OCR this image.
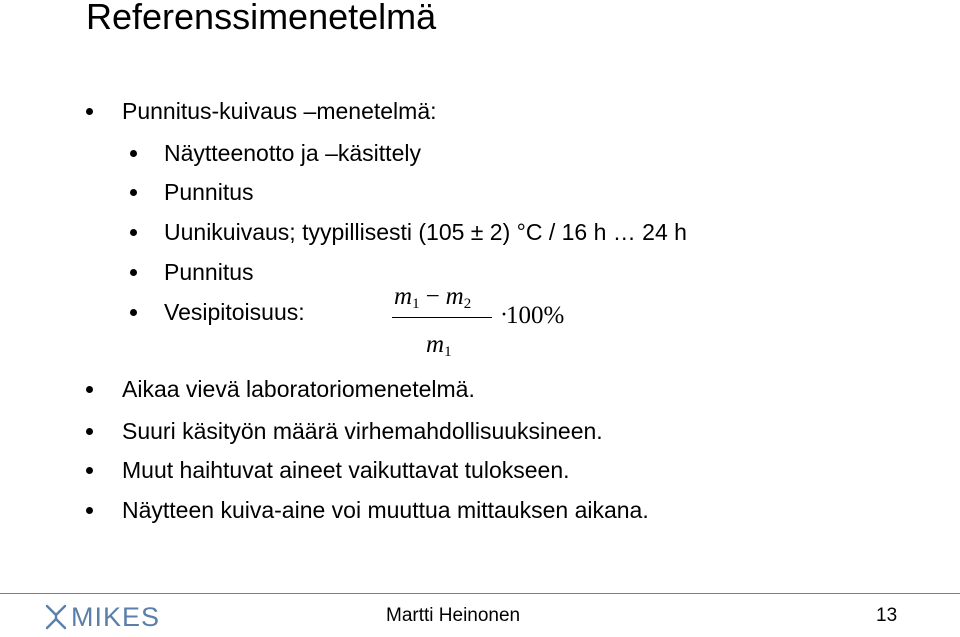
Referenssimenetelmä
Punnitus-kuivaus –menetelmä:
Näytteenotto ja –käsittely
Punnitus
Uunikuivaus; tyypillisesti (105 ± 2) °C / 16 h … 24 h
Punnitus
Vesipitoisuus:
$m_1 - m_2$
$m_1$
·
100%
Aikaa vievä laboratoriomenetelmä.
Suuri käsityön määrä virhemahdollisuuksineen.
Muut haihtuvat aineet vaikuttavat tulokseen.
Näytteen kuiva-aine voi muuttua mittauksen aikana.
MIKES	Martti Heinonen	13
